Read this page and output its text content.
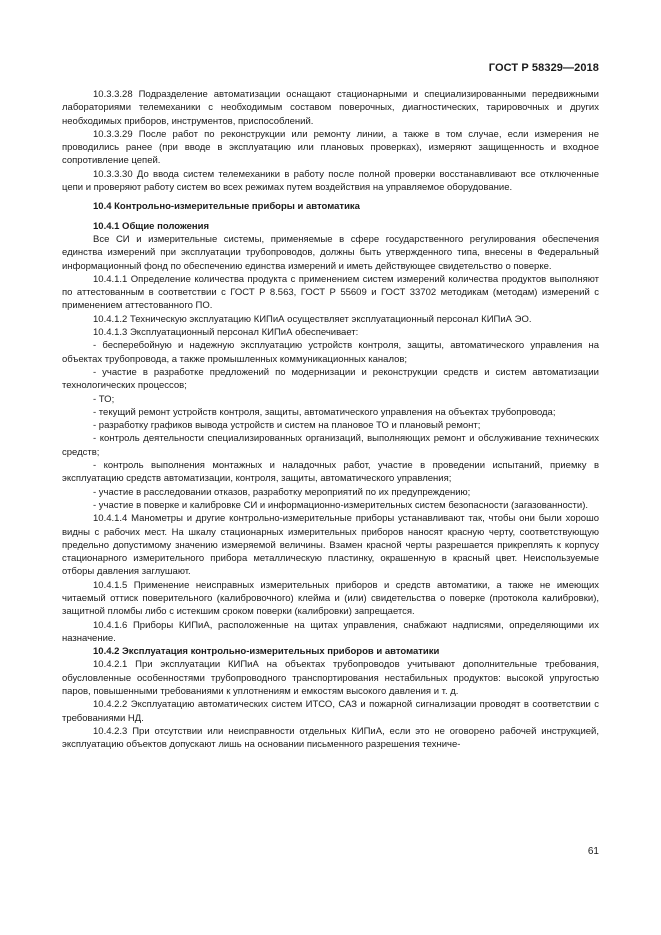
ГОСТ Р 58329—2018

10.3.3.28 Подразделение автоматизации оснащают стационарными и специализированными передвижными лабораториями телемеханики с необходимым составом поверочных, диагностических, тарировочных и других необходимых приборов, инструментов, приспособлений.

10.3.3.29 После работ по реконструкции или ремонту линии, а также в том случае, если измерения не проводились ранее (при вводе в эксплуатацию или плановых проверках), измеряют защищенность и входное сопротивление цепей.

10.3.3.30 До ввода систем телемеханики в работу после полной проверки восстанавливают все отключенные цепи и проверяют работу систем во всех режимах путем воздействия на управляемое оборудование.

10.4 Контрольно-измерительные приборы и автоматика

10.4.1 Общие положения

Все СИ и измерительные системы, применяемые в сфере государственного регулирования обеспечения единства измерений при эксплуатации трубопроводов, должны быть утвержденного типа, внесены в Федеральный информационный фонд по обеспечению единства измерений и иметь действующее свидетельство о поверке.

10.4.1.1 Определение количества продукта с применением систем измерений количества продуктов выполняют по аттестованным в соответствии с ГОСТ Р 8.563, ГОСТ Р 55609 и ГОСТ 33702 методикам (методам) измерений с применением аттестованного ПО.

10.4.1.2 Техническую эксплуатацию КИПиА осуществляет эксплуатационный персонал КИПиА ЭО.

10.4.1.3 Эксплуатационный персонал КИПиА обеспечивает:

- бесперебойную и надежную эксплуатацию устройств контроля, защиты, автоматического управления на объектах трубопровода, а также промышленных коммуникационных каналов;

- участие в разработке предложений по модернизации и реконструкции средств и систем автоматизации технологических процессов;

- ТО;

- текущий ремонт устройств контроля, защиты, автоматического управления на объектах трубопровода;

- разработку графиков вывода устройств и систем на плановое ТО и плановый ремонт;

- контроль деятельности специализированных организаций, выполняющих ремонт и обслуживание технических средств;

- контроль выполнения монтажных и наладочных работ, участие в проведении испытаний, приемку в эксплуатацию средств автоматизации, контроля, защиты, автоматического управления;

- участие в расследовании отказов, разработку мероприятий по их предупреждению;

- участие в поверке и калибровке СИ и информационно-измерительных систем безопасности (загазованности).

10.4.1.4 Манометры и другие контрольно-измерительные приборы устанавливают так, чтобы они были хорошо видны с рабочих мест. На шкалу стационарных измерительных приборов наносят красную черту, соответствующую предельно допустимому значению измеряемой величины. Взамен красной черты разрешается прикреплять к корпусу стационарного измерительного прибора металлическую пластинку, окрашенную в красный цвет. Неиспользуемые отборы давления заглушают.

10.4.1.5 Применение неисправных измерительных приборов и средств автоматики, а также не имеющих читаемый оттиск поверительного (калибровочного) клейма и (или) свидетельства о поверке (протокола калибровки), защитной пломбы либо с истекшим сроком поверки (калибровки) запрещается.

10.4.1.6 Приборы КИПиА, расположенные на щитах управления, снабжают надписями, определяющими их назначение.

10.4.2 Эксплуатация контрольно-измерительных приборов и автоматики

10.4.2.1 При эксплуатации КИПиА на объектах трубопроводов учитывают дополнительные требования, обусловленные особенностями трубопроводного транспортирования нестабильных продуктов: высокой упругостью паров, повышенными требованиями к уплотнениям и емкостям высокого давления и т. д.

10.4.2.2 Эксплуатацию автоматических систем ИТСО, САЗ и пожарной сигнализации проводят в соответствии с требованиями НД.

10.4.2.3 При отсутствии или неисправности отдельных КИПиА, если это не оговорено рабочей инструкцией, эксплуатацию объектов допускают лишь на основании письменного разрешения техниче-

61
